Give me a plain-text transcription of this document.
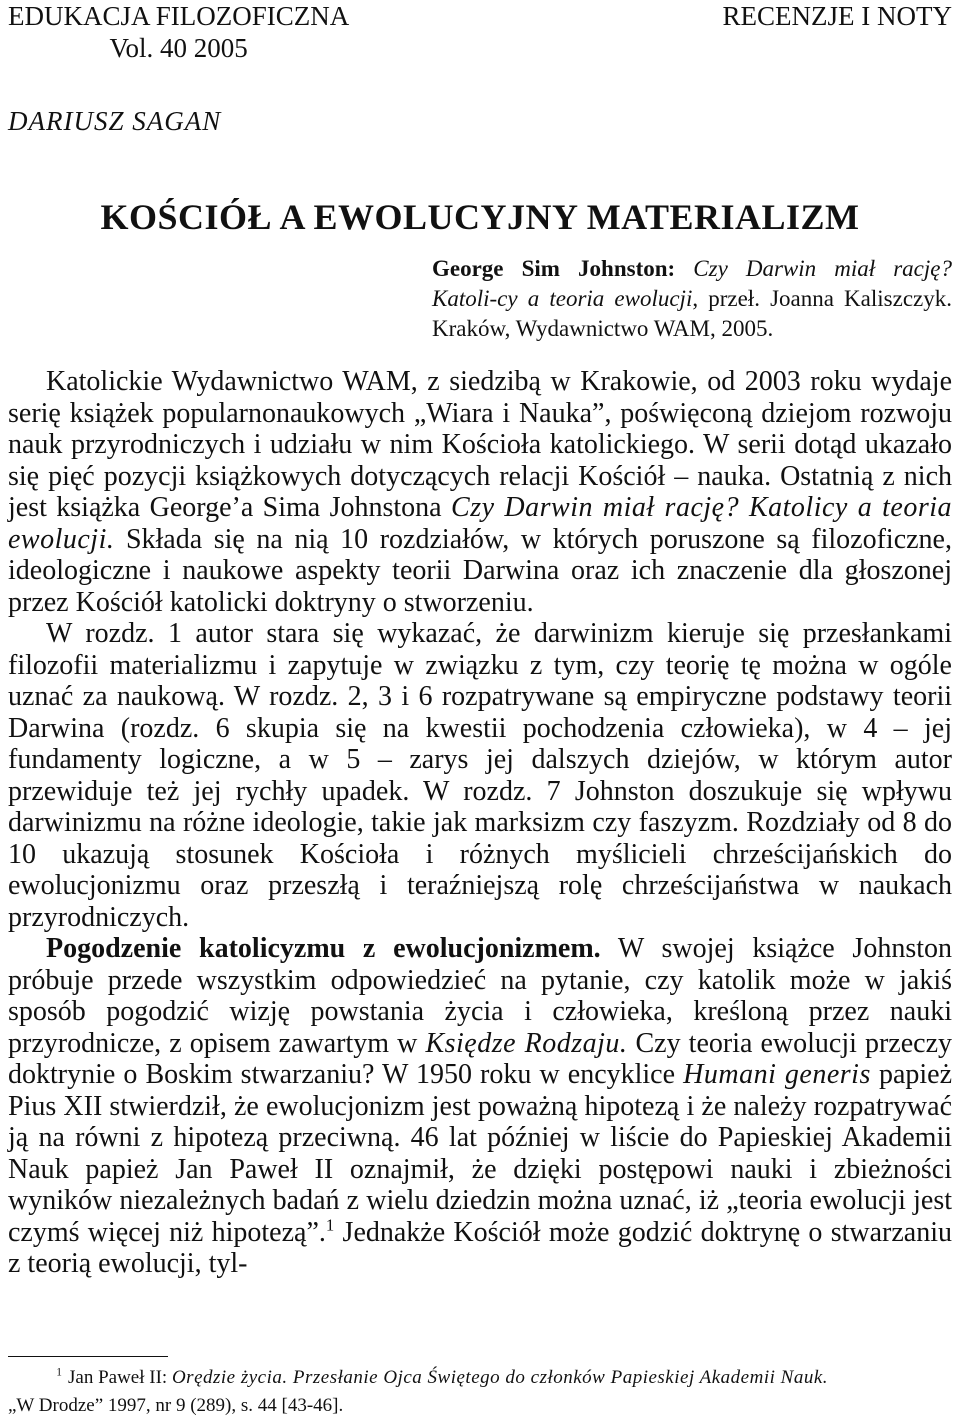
EDUKACJA FILOZOFICZNA
Vol. 40 2005
RECENZJE I NOTY
DARIUSZ SAGAN
KOŚCIÓŁ A EWOLUCYJNY MATERIALIZM
George Sim Johnston: Czy Darwin miał rację? Katoli-cy a teoria ewolucji, przeł. Joanna Kaliszczyk. Kraków, Wydawnictwo WAM, 2005.

Katolickie Wydawnictwo WAM, z siedzibą w Krakowie, od 2003 roku wydaje serię książek popularnonaukowych „Wiara i Nauka”, poświęconą dziejom rozwoju nauk przyrodniczych i udziału w nim Kościoła katolickiego. W serii dotąd ukazało się pięć pozycji książkowych dotyczących relacji Kościół – nauka. Ostatnią z nich jest książka George’a Sima Johnstona Czy Darwin miał rację? Katolicy a teoria ewolucji. Składa się na nią 10 rozdziałów, w których poruszone są filozoficzne, ideologiczne i naukowe aspekty teorii Darwina oraz ich znaczenie dla głoszonej przez Kościół katolicki doktryny o stworzeniu.

W rozdz. 1 autor stara się wykazać, że darwinizm kieruje się przesłankami filozofii materializmu i zapytuje w związku z tym, czy teorię tę można w ogóle uznać za naukową. W rozdz. 2, 3 i 6 rozpatrywane są empiryczne podstawy teorii Darwina (rozdz. 6 skupia się na kwestii pochodzenia człowieka), w 4 – jej fundamenty logiczne, a w 5 – zarys jej dalszych dziejów, w którym autor przewiduje też jej rychły upadek. W rozdz. 7 Johnston doszukuje się wpływu darwinizmu na różne ideologie, takie jak marksizm czy faszyzm. Rozdziały od 8 do 10 ukazują stosunek Kościoła i różnych myślicieli chrześcijańskich do ewolucjonizmu oraz przeszłą i teraźniejszą rolę chrześcijaństwa w naukach przyrodniczych.

Pogodzenie katolicyzmu z ewolucjonizmem. W swojej książce Johnston próbuje przede wszystkim odpowiedzieć na pytanie, czy katolik może w jakiś sposób pogodzić wizję powstania życia i człowieka, kreśloną przez nauki przyrodnicze, z opisem zawartym w Księdze Rodzaju. Czy teoria ewolucji przeczy doktrynie o Boskim stwarzaniu? W 1950 roku w encyklice Humani generis papież Pius XII stwierdził, że ewolucjonizm jest poważną hipotezą i że należy rozpatrywać ją na równi z hipotezą przeciwną. 46 lat później w liście do Papieskiej Akademii Nauk papież Jan Paweł II oznajmił, że dzięki postępowi nauki i zbieżności wyników niezależnych badań z wielu dziedzin można uznać, iż „teoria ewolucji jest czymś więcej niż hipotezą”.$^1$ Jednakże Kościół może godzić doktrynę o stwarzaniu z teorią ewolucji, tyl-

$^1$ Jan Paweł II: Orędzie życia. Przesłanie Ojca Świętego do członków Papieskiej Akademii Nauk.
„W Drodze” 1997, nr 9 (289), s. 44 [43-46].
